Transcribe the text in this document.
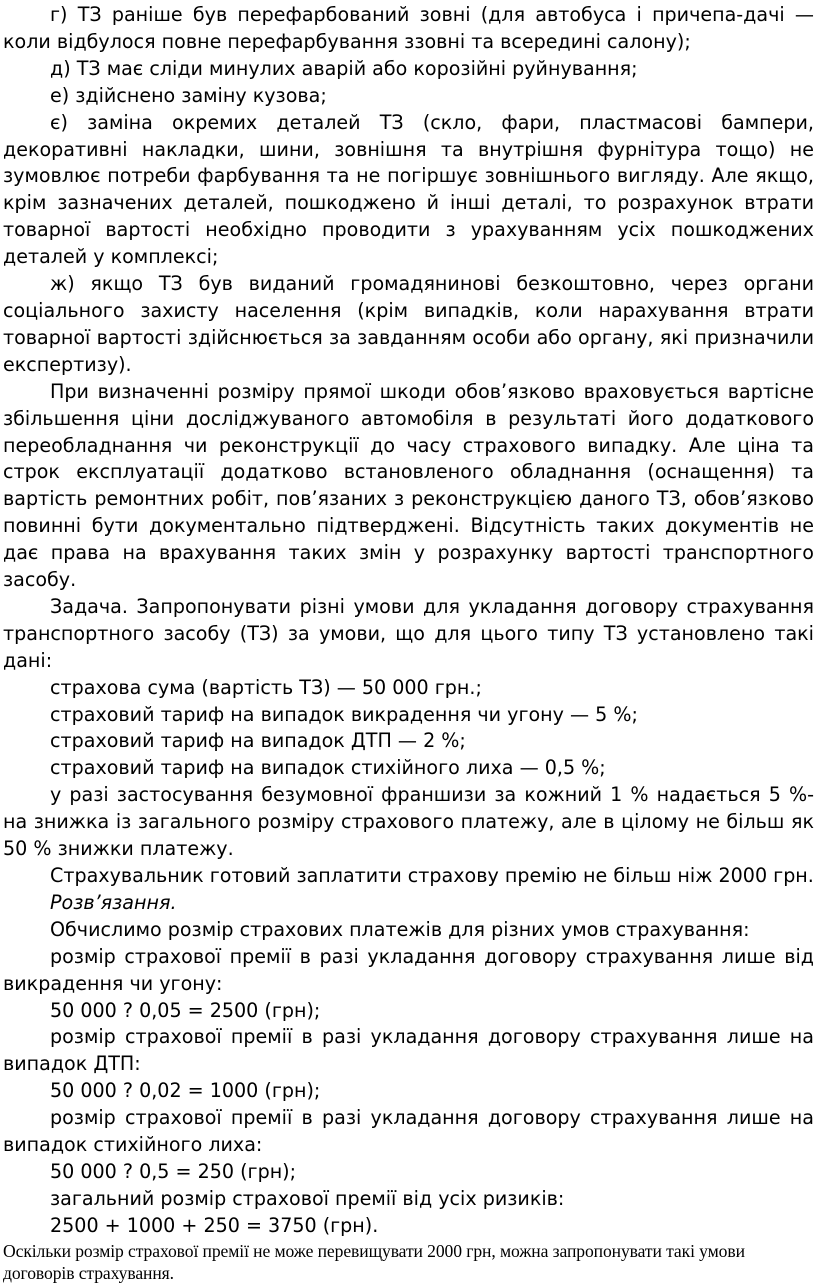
г) ТЗ раніше був перефарбований зовні (для автобуса і причепа-дачі — коли відбулося повне перефарбування ззовні та всередині салону);

д) ТЗ має сліди минулих аварій або корозійні руйнування;

е) здійснено заміну кузова;

є) заміна окремих деталей ТЗ (скло, фари, пластмасові бампери, декоративні накладки, шини, зовнішня та внутрішня фурнітура тощо) не зумовлює потреби фарбування та не погіршує зовнішнього вигляду. Але якщо, крім зазначених деталей, пошкоджено й інші деталі, то розрахунок втрати товарної вартості необхідно проводити з урахуванням усіх пошкоджених деталей у комплексі;

ж) якщо ТЗ був виданий громадянинові безкоштовно, через органи соціального захисту населення (крім випадків, коли нарахування втрати товарної вартості здійснюється за завданням особи або органу, які призначили експертизу).

При визначенні розміру прямої шкоди обов’язково враховується вартісне збільшення ціни досліджуваного автомобіля в результаті його додаткового переобладнання чи реконструкції до часу страхового випадку. Але ціна та строк експлуатації додатково встановленого обладнання (оснащення) та вартість ремонтних робіт, пов’язаних з реконструкцією даного ТЗ, обов’язково повинні бути документально підтверджені. Відсутність таких документів не дає права на врахування таких змін у розрахунку вартості транспортного засобу.

Задача. Запропонувати різні умови для укладання договору страхування транспортного засобу (ТЗ) за умови, що для цього типу ТЗ установлено такі дані:

страхова сума (вартість ТЗ) — 50 000 грн.;

страховий тариф на випадок викрадення чи угону — 5 %;

страховий тариф на випадок ДТП — 2 %;

страховий тариф на випадок стихійного лиха — 0,5 %;

у разі застосування безумовної франшизи за кожний 1 % надається 5 %-на знижка із загального розміру страхового платежу, але в цілому не більш як 50 % знижки платежу.

Страхувальник готовий заплатити страхову премію не більш ніж 2000 грн.

Розв’язання.

Обчислимо розмір страхових платежів для різних умов страхування:

розмір страхової премії в разі укладання договору страхування лише від викрадення чи угону:

50 000 ? 0,05 = 2500 (грн);

розмір страхової премії в разі укладання договору страхування лише на випадок ДТП:

50 000 ? 0,02 = 1000 (грн);

розмір страхової премії в разі укладання договору страхування лише на випадок стихійного лиха:

50 000 ? 0,5 = 250 (грн);

загальний розмір страхової премії від усіх ризиків:

2500 + 1000 + 250 = 3750 (грн).

Оскільки розмір страхової премії не може перевищувати 2000 грн, можна запропонувати такі умови договорів страхування.
